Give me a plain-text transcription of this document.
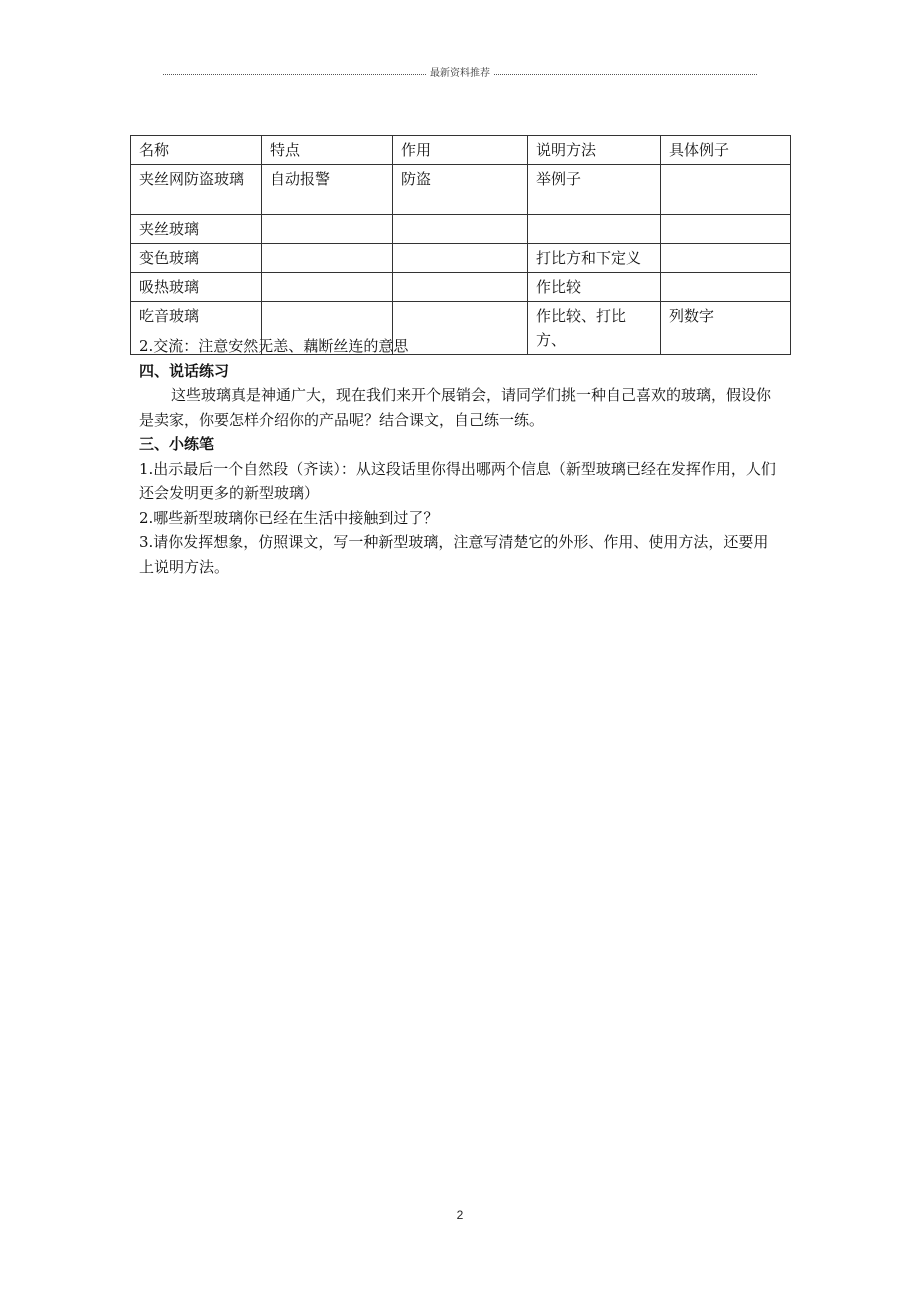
最新资料推荐
名称	特点	作用	说明方法	具体例子
夹丝网防盗玻璃	自动报警	防盗	举例子	
夹丝玻璃				
变色玻璃			打比方和下定义	
吸热玻璃			作比较	
吃音玻璃			作比较、打比方、	列数字

2.交流：注意安然无恙、藕断丝连的意思

四、说话练习

这些玻璃真是神通广大，现在我们来开个展销会，请同学们挑一种自己喜欢的玻璃，假设你是卖家，你要怎样介绍你的产品呢？结合课文，自己练一练。

三、小练笔

1.出示最后一个自然段（齐读）：从这段话里你得出哪两个信息（新型玻璃已经在发挥作用，人们还会发明更多的新型玻璃）

2.哪些新型玻璃你已经在生活中接触到过了？

3.请你发挥想象，仿照课文，写一种新型玻璃，注意写清楚它的外形、作用、使用方法，还要用上说明方法。

2
